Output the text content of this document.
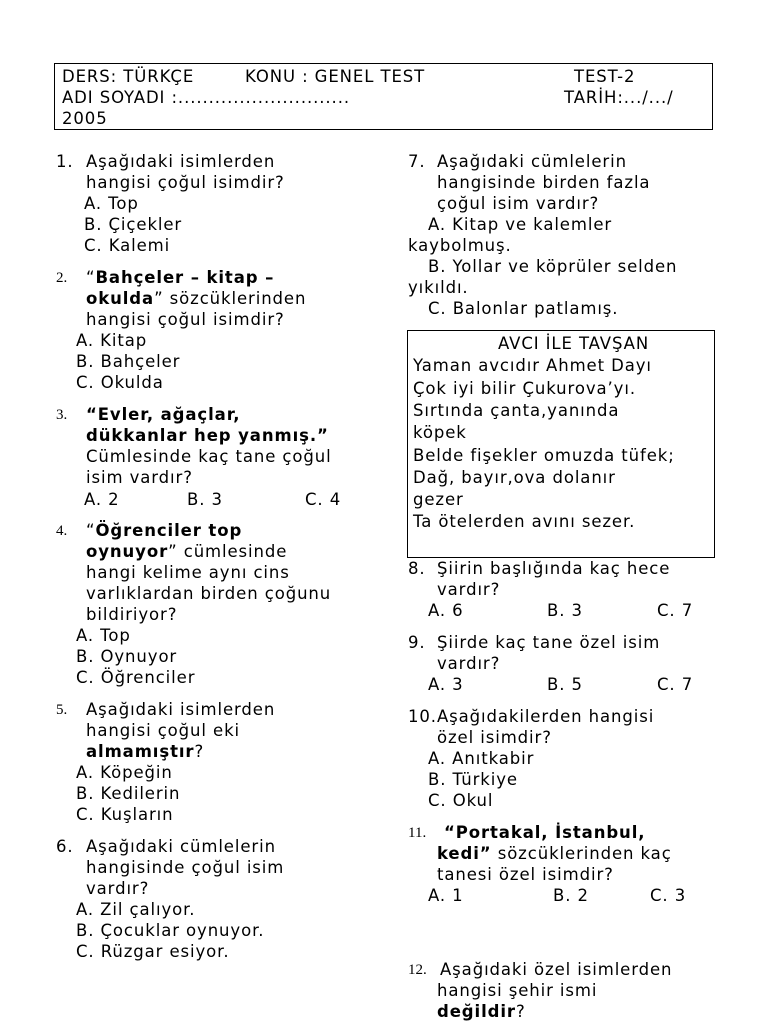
DERS: TÜRKÇE	KONU : GENEL TEST	TEST-2
ADI SOYADI :............................	TARİH:.../.../
2005
1. Aşağıdaki isimlerden
hangisi çoğul isimdir?
A. Top
B. Çiçekler
C. Kalemi
2. “Bahçeler – kitap –
okulda” sözcüklerinden
hangisi çoğul isimdir?
A. Kitap
B. Bahçeler
C. Okulda
3. “Evler, ağaçlar,
dükkanlar hep yanmış.”
Cümlesinde kaç tane çoğul
isim vardır?
A. 2	B. 3	C. 4
4. “Öğrenciler top
oynuyor” cümlesinde
hangi kelime aynı cins
varlıklardan birden çoğunu
bildiriyor?
A. Top
B. Oynuyor
C. Öğrenciler
5. Aşağıdaki isimlerden
hangisi çoğul eki
almamıştır?
A. Köpeğin
B. Kedilerin
C. Kuşların
6. Aşağıdaki cümlelerin
hangisinde çoğul isim
vardır?
A. Zil çalıyor.
B. Çocuklar oynuyor.
C. Rüzgar esiyor.
7. Aşağıdaki cümlelerin
hangisinde birden fazla
çoğul isim vardır?
A. Kitap ve kalemler
kaybolmuş.
B. Yollar ve köprüler selden
yıkıldı.
C. Balonlar patlamış.
AVCI İLE TAVŞAN
Yaman avcıdır Ahmet Dayı
Çok iyi bilir Çukurova’yı.
Sırtında çanta,yanında
köpek
Belde fişekler omuzda tüfek;
Dağ, bayır,ova dolanır
gezer
Ta ötelerden avını sezer.
8. Şiirin başlığında kaç hece
vardır?
A. 6	B. 3	C. 7
9. Şiirde kaç tane özel isim
vardır?
A. 3	B. 5	C. 7
10.Aşağıdakilerden hangisi
özel isimdir?
A. Anıtkabir
B. Türkiye
C. Okul
11. “Portakal, İstanbul,
kedi” sözcüklerinden kaç
tanesi özel isimdir?
A. 1	B. 2	C. 3
12. Aşağıdaki özel isimlerden
hangisi şehir ismi
değildir?
